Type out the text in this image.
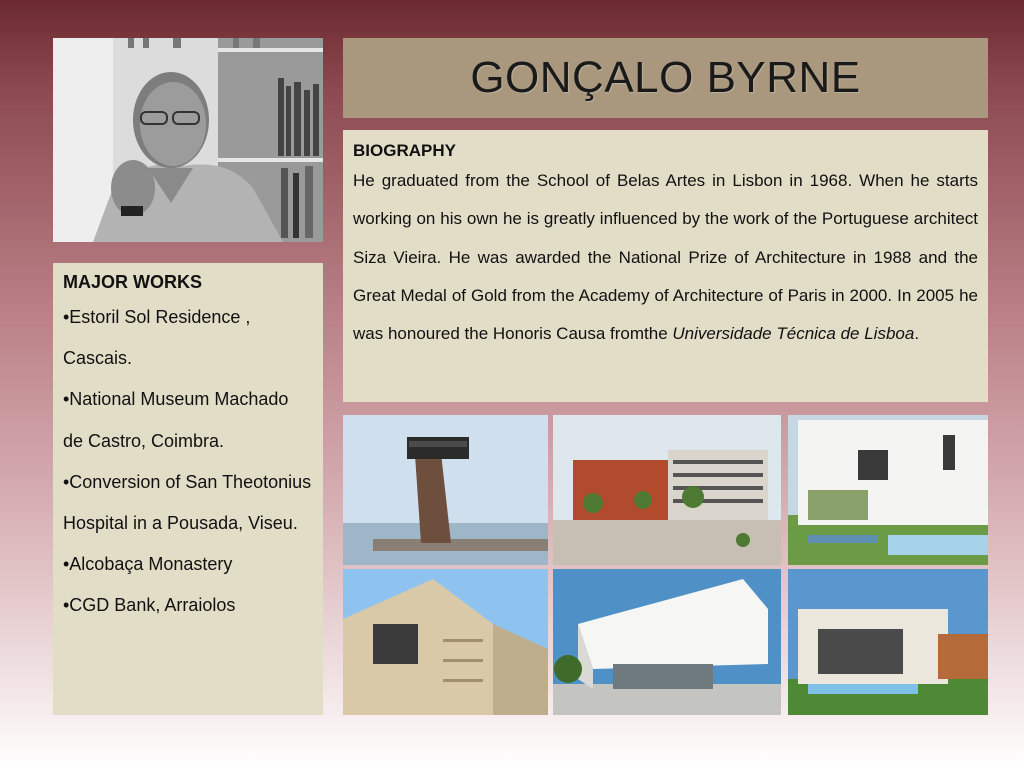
GONÇALO BYRNE
BIOGRAPHY
He graduated from the School of Belas Artes in Lisbon in 1968. When he starts working on his own he is greatly influenced by the work of the Portuguese architect Siza Vieira. He was awarded the National Prize of Architecture in 1988 and the Great Medal of Gold from the Academy of Architecture of Paris in 2000. In 2005 he was honoured the Honoris Causa fromthe Universidade Técnica de Lisboa.
MAJOR WORKS
•Estoril Sol Residence , Cascais.
•National Museum Machado de Castro, Coimbra.
•Conversion of San Theotonius Hospital in a Pousada, Viseu.
•Alcobaça Monastery
•CGD Bank, Arraiolos
